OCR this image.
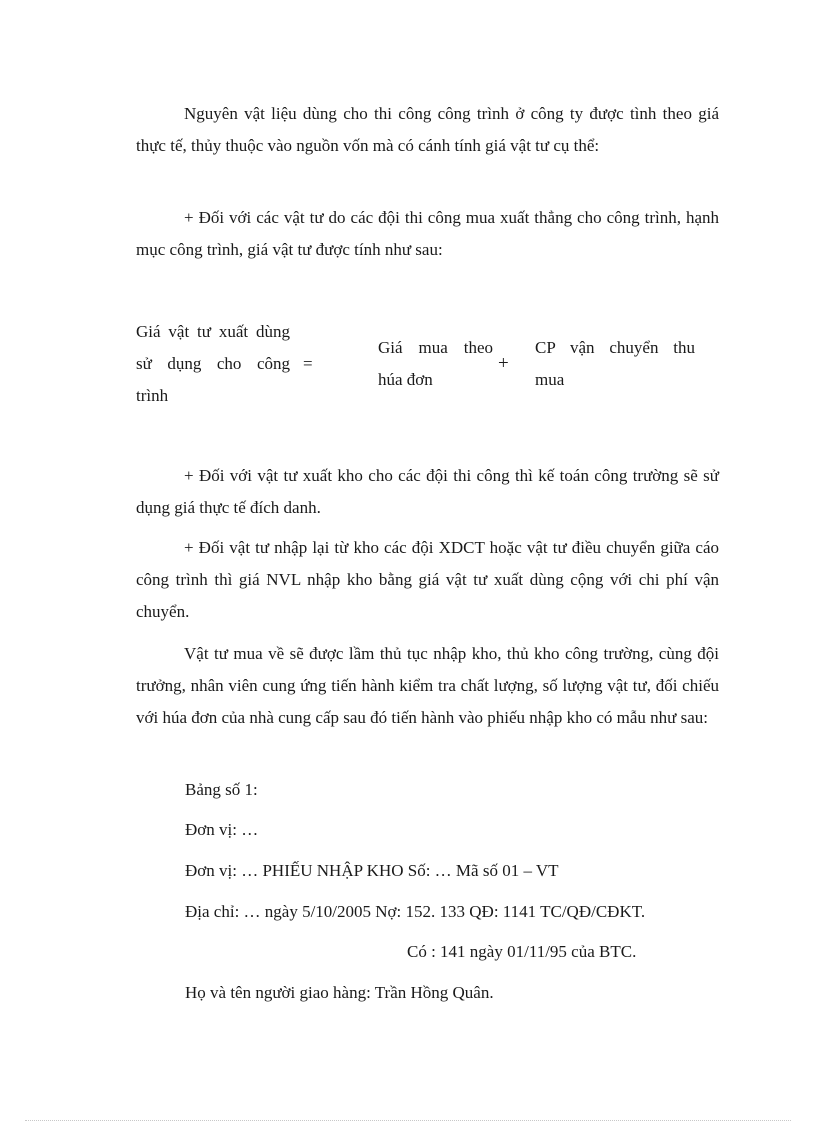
Nguyên vật liệu dùng cho thi công công trình ở công ty được tình theo giá thực tế, thủy thuộc vào nguồn vốn mà có cánh tính giá vật tư cụ thể:

+ Đối với các vật tư do các đội thi công mua xuất thẳng cho công trình, hạnh mục công trình, giá vật tư được tính như sau:

Giá vật tư xuất dùng sử dụng cho công trình

=

Giá mua theo húa đơn

+

CP vận chuyển thu mua

+ Đối với vật tư xuất kho cho các đội thi công thì kế toán công trường sẽ sử dụng giá thực tế đích danh.

+ Đối vật tư nhập lại từ kho các đội XDCT hoặc vật tư điều chuyển giữa cáo công trình thì giá NVL nhập kho bằng giá vật tư xuất dùng cộng với chi phí vận chuyển.

Vật tư mua về sẽ được lầm thủ tục nhập kho, thủ kho công trường, cùng đội trưởng, nhân viên cung ứng tiến hành kiểm tra chất lượng, số lượng vật tư, đối chiếu với húa đơn của nhà cung cấp sau đó tiến hành vào phiếu nhập kho có mẫu như sau:

Bảng số 1:

Đơn vị: …

Đơn vị: … PHIẾU NHẬP KHO Số: … Mã số 01 – VT

Địa chỉ: … ngày 5/10/2005 Nợ: 152. 133 QĐ: 1141 TC/QĐ/CĐKT.

Có : 141 ngày 01/11/95 của BTC.

Họ và tên người giao hàng: Trần Hồng Quân.
